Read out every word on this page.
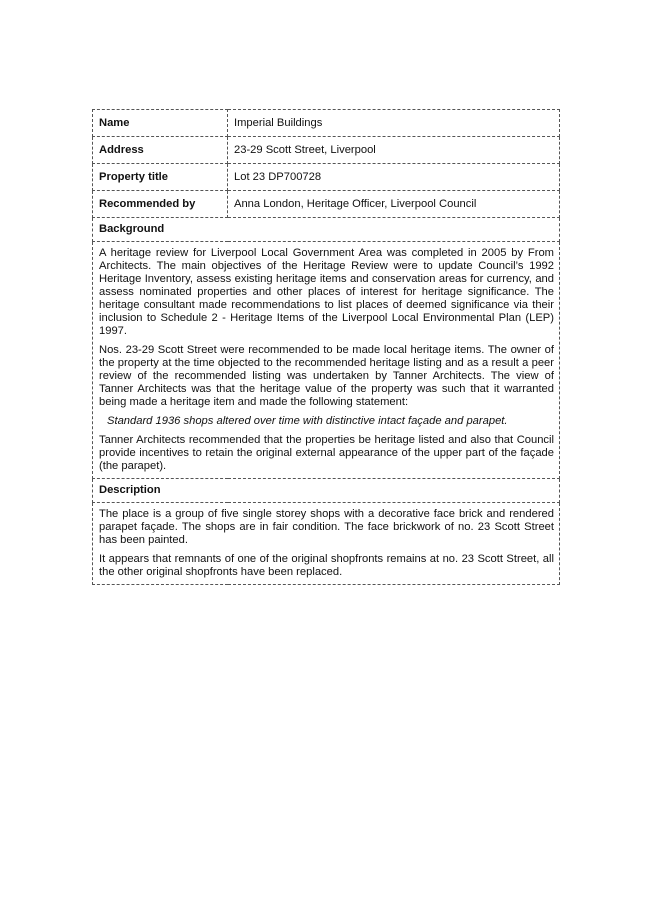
Name	Imperial Buildings
Address	23-29 Scott Street, Liverpool
Property title	Lot 23 DP700728
Recommended by	Anna London, Heritage Officer, Liverpool Council
Background	

A heritage review for Liverpool Local Government Area was completed in 2005 by From Architects. The main objectives of the Heritage Review were to update Council’s 1992 Heritage Inventory, assess existing heritage items and conservation areas for currency, and assess nominated properties and other places of interest for heritage significance. The heritage consultant made recommendations to list places of deemed significance via their inclusion to Schedule 2 - Heritage Items of the Liverpool Local Environmental Plan (LEP) 1997.

Nos. 23-29 Scott Street were recommended to be made local heritage items. The owner of the property at the time objected to the recommended heritage listing and as a result a peer review of the recommended listing was undertaken by Tanner Architects. The view of Tanner Architects was that the heritage value of the property was such that it warranted being made a heritage item and made the following statement:

Standard 1936 shops altered over time with distinctive intact façade and parapet.

Tanner Architects recommended that the properties be heritage listed and also that Council provide incentives to retain the original external appearance of the upper part of the façade (the parapet).	

Description	

The place is a group of five single storey shops with a decorative face brick and rendered parapet façade. The shops are in fair condition. The face brickwork of no. 23 Scott Street has been painted.

It appears that remnants of one of the original shopfronts remains at no. 23 Scott Street, all the other original shopfronts have been replaced.	
